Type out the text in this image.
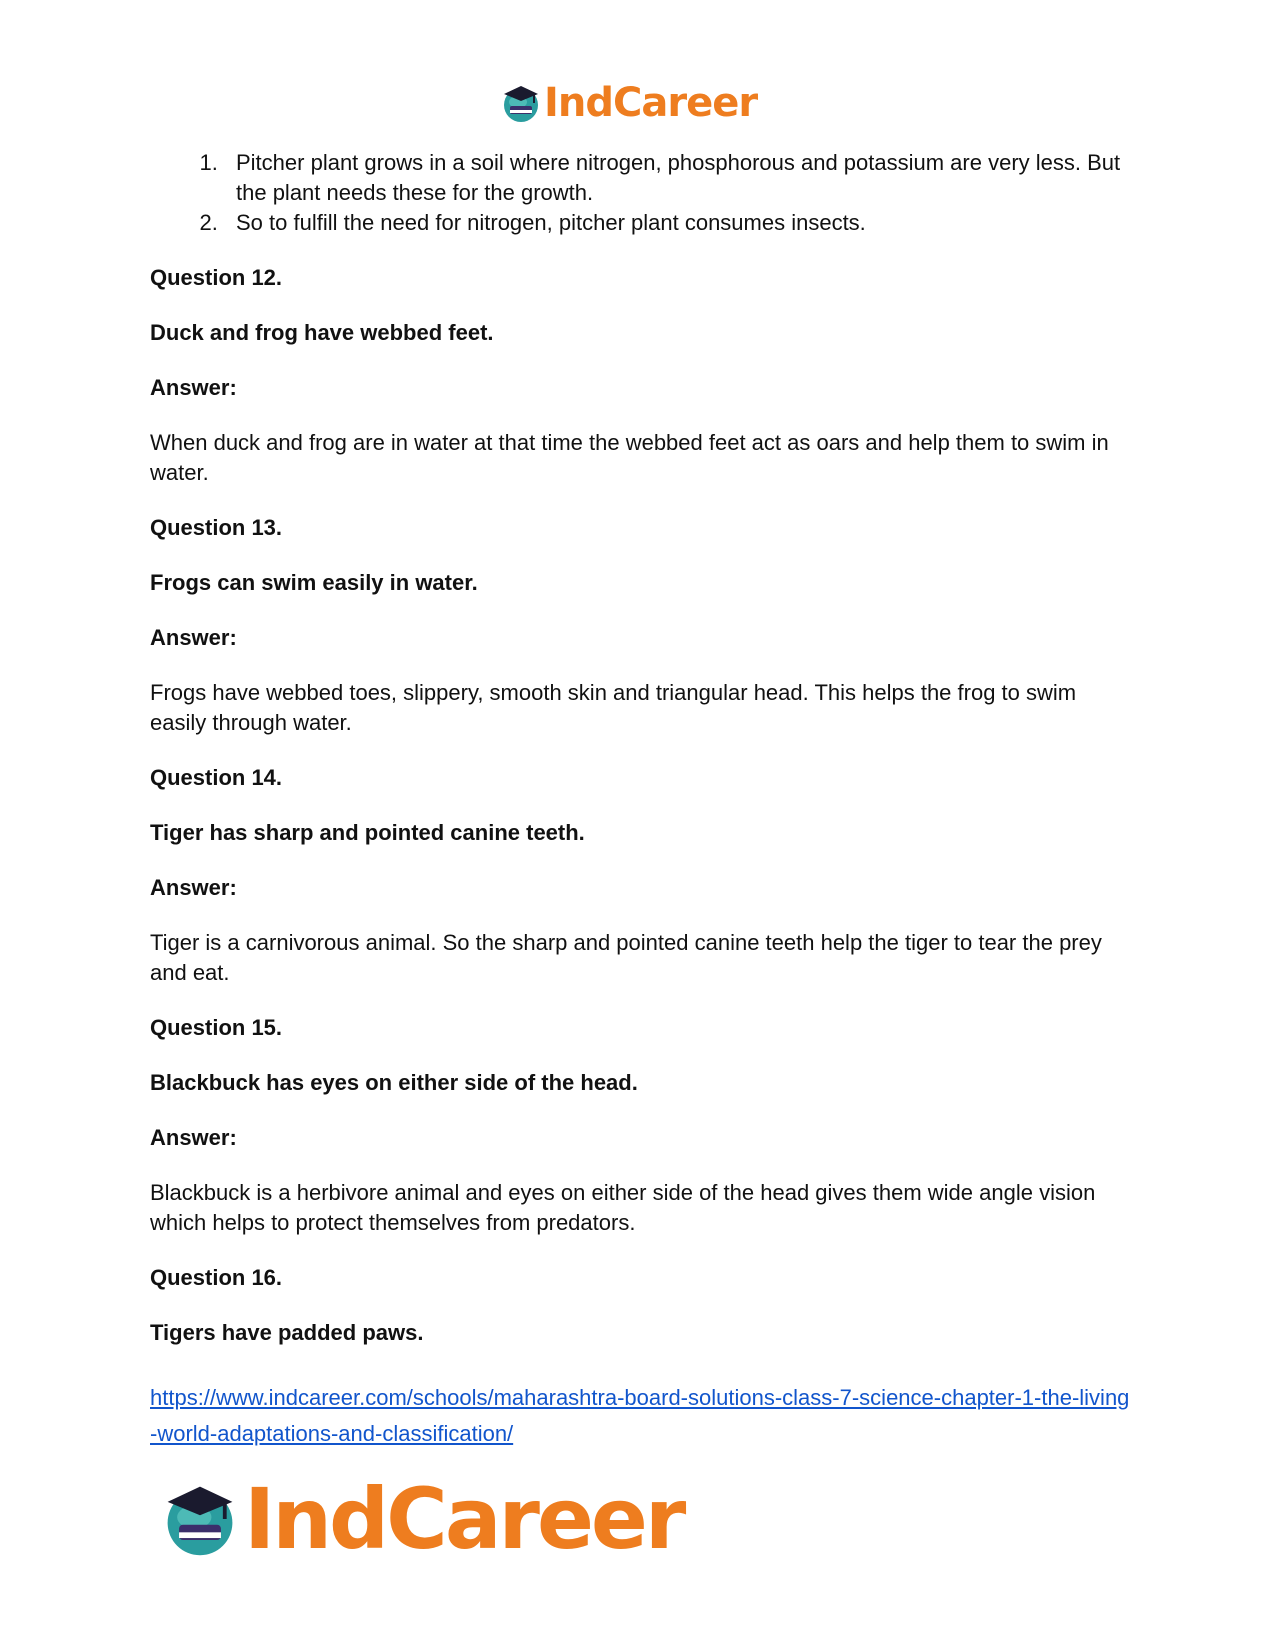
IndCareer
1. Pitcher plant grows in a soil where nitrogen, phosphorous and potassium are very less. But the plant needs these for the growth.
2. So to fulfill the need for nitrogen, pitcher plant consumes insects.

Question 12.

Duck and frog have webbed feet.

Answer:

When duck and frog are in water at that time the webbed feet act as oars and help them to swim in water.

Question 13.

Frogs can swim easily in water.

Answer:

Frogs have webbed toes, slippery, smooth skin and triangular head. This helps the frog to swim easily through water.

Question 14.

Tiger has sharp and pointed canine teeth.

Answer:

Tiger is a carnivorous animal. So the sharp and pointed canine teeth help the tiger to tear the prey and eat.

Question 15.

Blackbuck has eyes on either side of the head.

Answer:

Blackbuck is a herbivore animal and eyes on either side of the head gives them wide angle vision which helps to protect themselves from predators.

Question 16.

Tigers have padded paws.

https://www.indcareer.com/schools/maharashtra-board-solutions-class-7-science-chapter-1-the-living-world-adaptations-and-classification/
IndCareer
